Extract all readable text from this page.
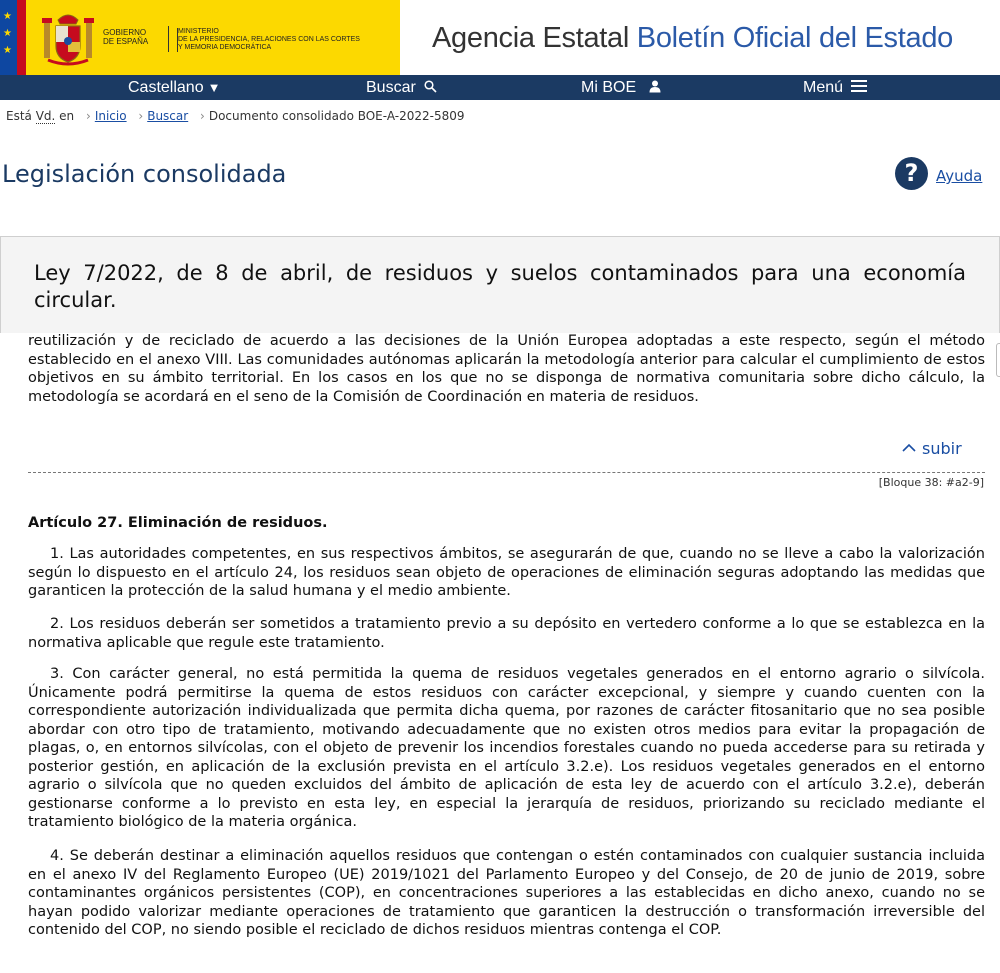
★
★
★
GOBIERNO
DE ESPAÑA
MINISTERIO
DE LA PRESIDENCIA, RELACIONES CON LAS CORTES
Y MEMORIA DEMOCRÁTICA	Agencia Estatal Boletín Oficial del Estado
Castellano ▼	Buscar	Mi BOE	Menú
Está Vd. en › Inicio › Buscar › Documento consolidado BOE-A-2022-5809
Legislación consolidada	?	Ayuda
Ley 7/2022, de 8 de abril, de residuos y suelos contaminados para una economía circular.
reutilización y de reciclado de acuerdo a las decisiones de la Unión Europea adoptadas a este respecto, según el método establecido en el anexo VIII. Las comunidades autónomas aplicarán la metodología anterior para calcular el cumplimiento de estos objetivos en su ámbito territorial. En los casos en los que no se disponga de normativa comunitaria sobre dicho cálculo, la metodología se acordará en el seno de la Comisión de Coordinación en materia de residuos.
subir
[Bloque 38: #a2-9]
Artículo 27. Eliminación de residuos.
1. Las autoridades competentes, en sus respectivos ámbitos, se asegurarán de que, cuando no se lleve a cabo la valorización según lo dispuesto en el artículo 24, los residuos sean objeto de operaciones de eliminación seguras adoptando las medidas que garanticen la protección de la salud humana y el medio ambiente.
2. Los residuos deberán ser sometidos a tratamiento previo a su depósito en vertedero conforme a lo que se establezca en la normativa aplicable que regule este tratamiento.
3. Con carácter general, no está permitida la quema de residuos vegetales generados en el entorno agrario o silvícola. Únicamente podrá permitirse la quema de estos residuos con carácter excepcional, y siempre y cuando cuenten con la correspondiente autorización individualizada que permita dicha quema, por razones de carácter fitosanitario que no sea posible abordar con otro tipo de tratamiento, motivando adecuadamente que no existen otros medios para evitar la propagación de plagas, o, en entornos silvícolas, con el objeto de prevenir los incendios forestales cuando no pueda accederse para su retirada y posterior gestión, en aplicación de la exclusión prevista en el artículo 3.2.e). Los residuos vegetales generados en el entorno agrario o silvícola que no queden excluidos del ámbito de aplicación de esta ley de acuerdo con el artículo 3.2.e), deberán gestionarse conforme a lo previsto en esta ley, en especial la jerarquía de residuos, priorizando su reciclado mediante el tratamiento biológico de la materia orgánica.
4. Se deberán destinar a eliminación aquellos residuos que contengan o estén contaminados con cualquier sustancia incluida en el anexo IV del Reglamento Europeo (UE) 2019/1021 del Parlamento Europeo y del Consejo, de 20 de junio de 2019, sobre contaminantes orgánicos persistentes (COP), en concentraciones superiores a las establecidas en dicho anexo, cuando no se hayan podido valorizar mediante operaciones de tratamiento que garanticen la destrucción o transformación irreversible del contenido del COP, no siendo posible el reciclado de dichos residuos mientras contenga el COP.
